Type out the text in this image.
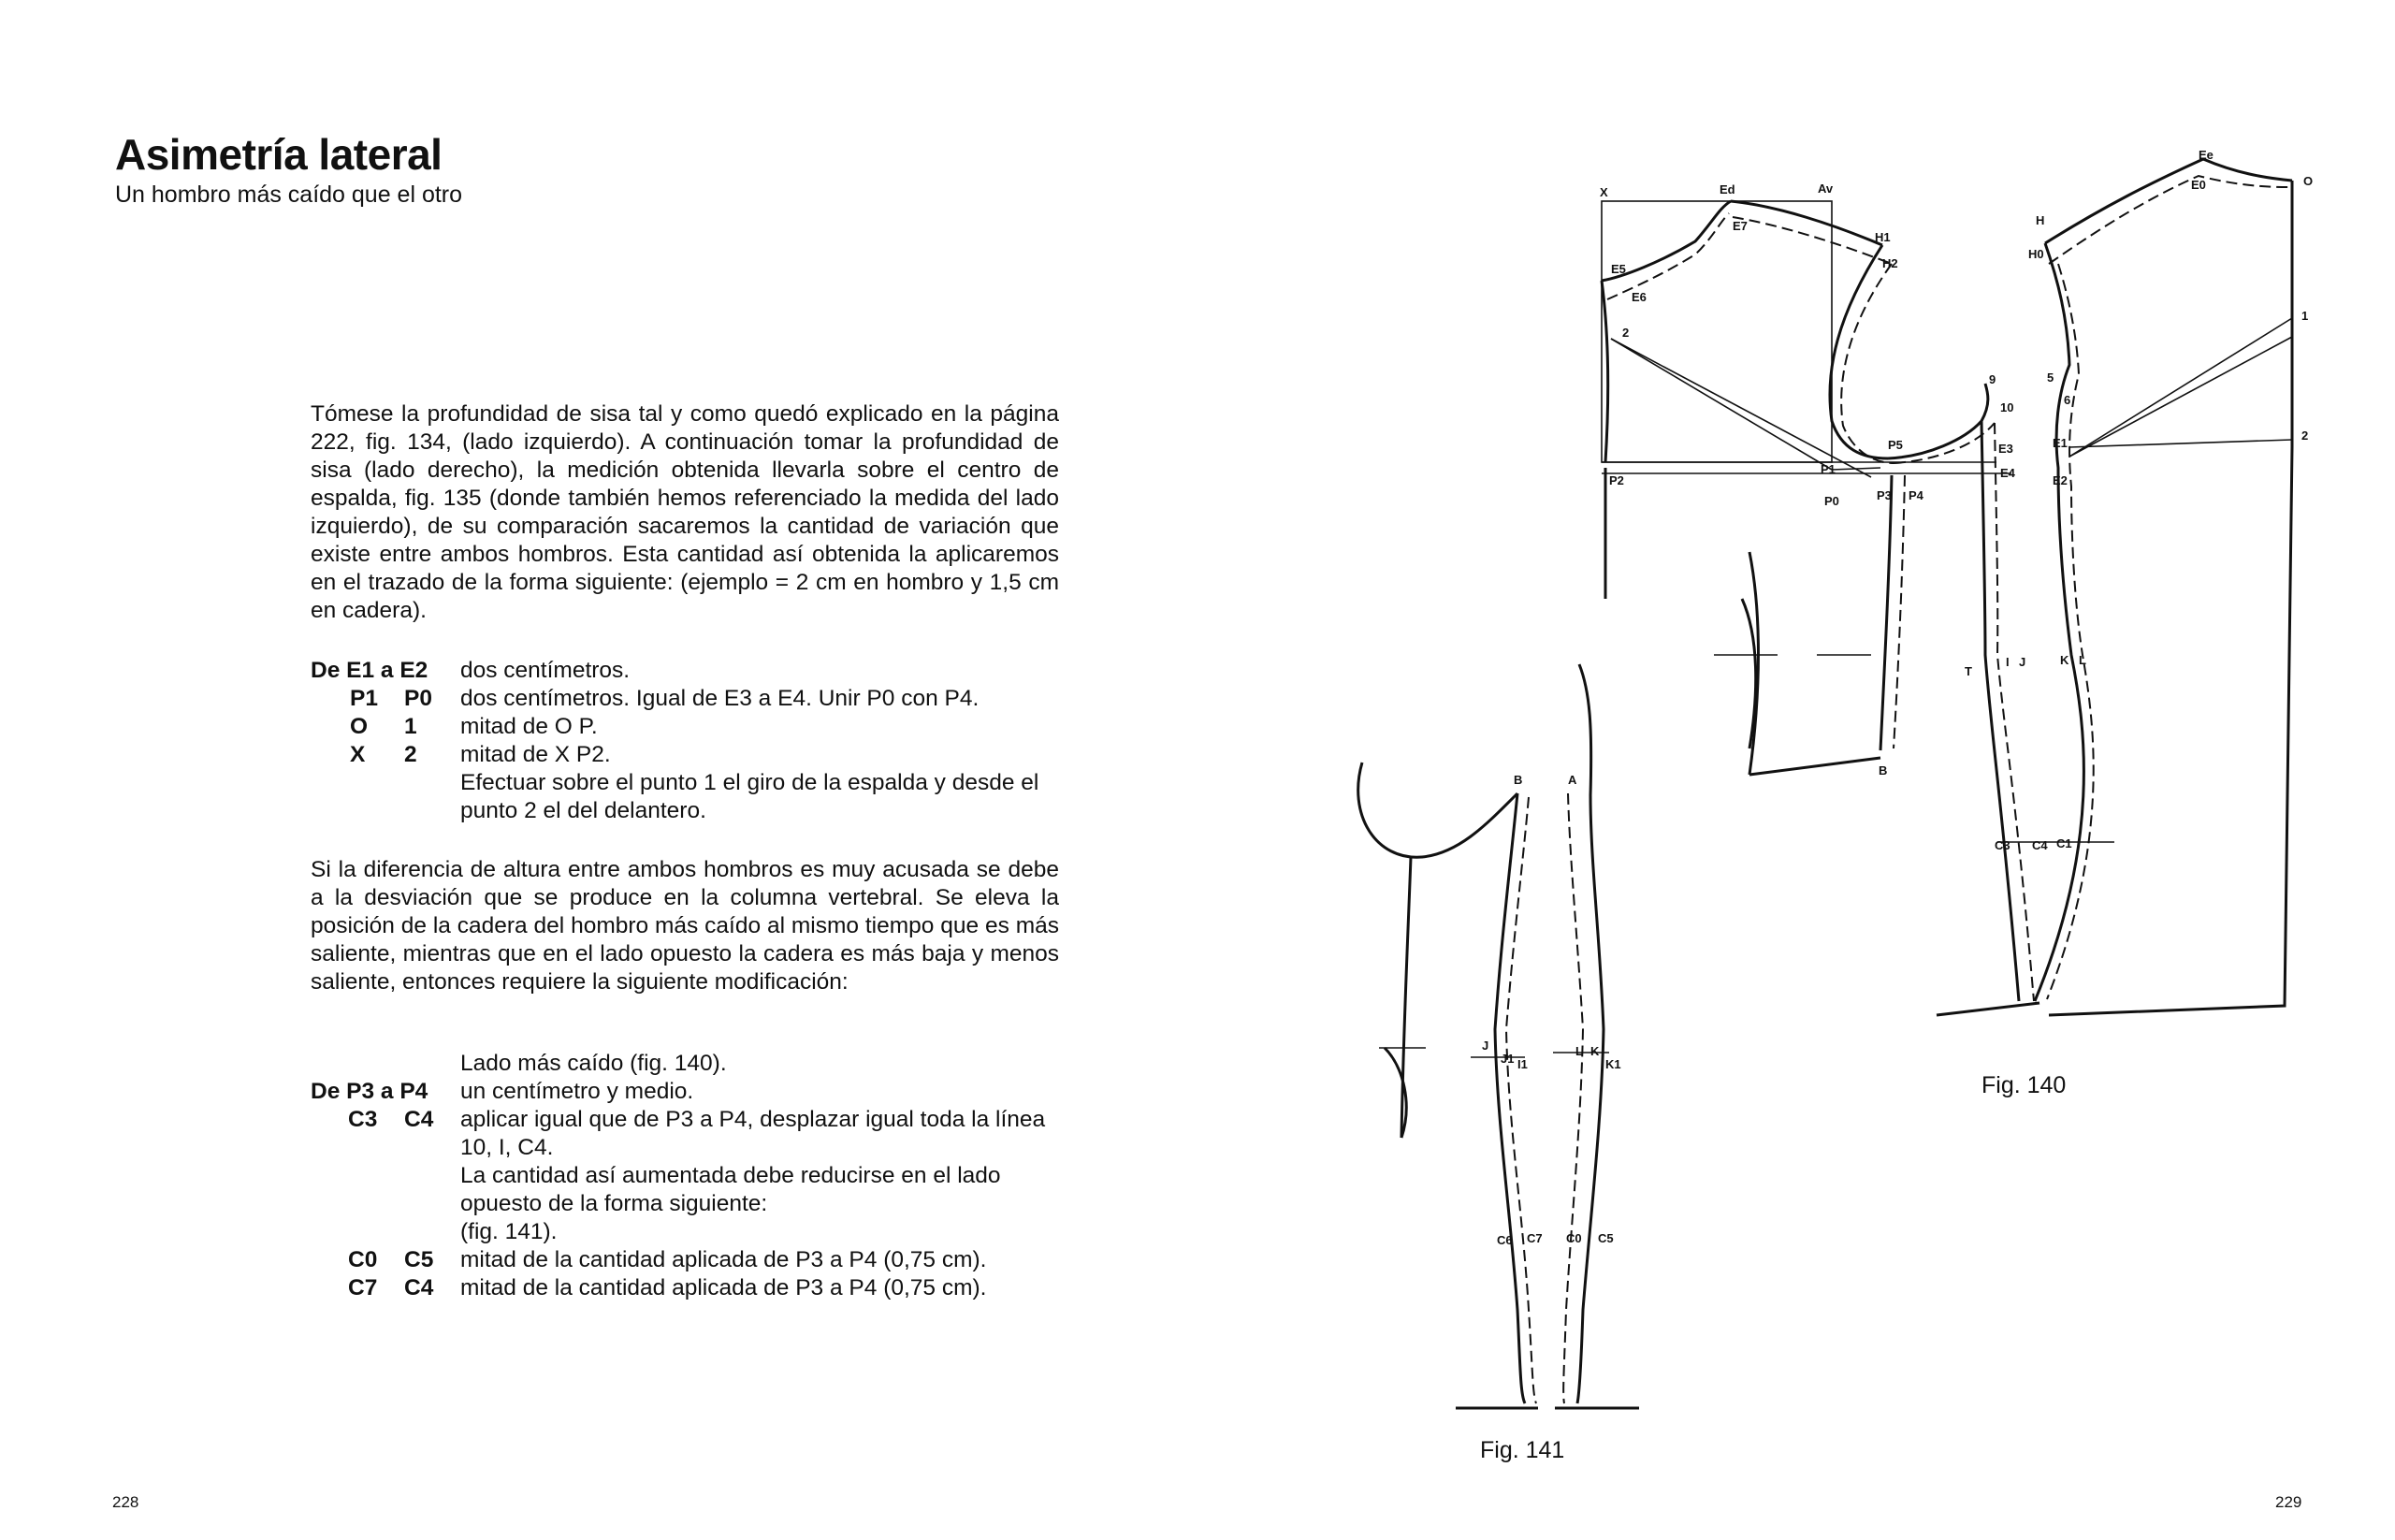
Asimetría lateral
Un hombro más caído que el otro

Tómese la profundidad de sisa tal y como quedó explicado en la página 222, fig. 134, (lado izquierdo). A continuación tomar la profundidad de sisa (lado derecho), la medición obtenida llevarla sobre el centro de espalda, fig. 135 (donde también hemos referenciado la medida del lado izquierdo), de su comparación sacaremos la cantidad de variación que existe entre ambos hombros. Esta cantidad así obtenida la aplicaremos en el trazado de la forma siguiente: (ejemplo = 2 cm en hombro y 1,5 cm en cadera).

De E1 a E2 dos centímetros.
P1	P0	dos centímetros. Igual de E3 a E4. Unir P0 con P4.
O	1	mitad de O P.
X	2	mitad de X P2.
Efectuar sobre el punto 1 el giro de la espalda y desde el punto 2 el del delantero.

Si la diferencia de altura entre ambos hombros es muy acusada se debe a la desviación que se produce en la columna vertebral. Se eleva la posición de la cadera del hombro más caído al mismo tiempo que es más saliente, mientras que en el lado opuesto la cadera es más baja y menos saliente, entonces requiere la siguiente modificación:

Lado más caído (fig. 140).
De P3 a P4 un centímetro y medio.
C3	C4	aplicar igual que de P3 a P4, desplazar igual toda la línea 10, I, C4.
La cantidad así aumentada debe reducirse en el lado opuesto de la forma siguiente:
(fig. 141).
C0	C5	mitad de la cantidad aplicada de P3 a P4 (0,75 cm).
C7	C4	mitad de la cantidad aplicada de P3 a P4 (0,75 cm).
X	Ed	Av
E7
H1
H2
E5
E6
2
P2
P1
P0
P5
P3 P4
9
10
E3
E4
T
I J	K L
C3 C4 C1
B
Ee
E0	O
H
H0
1
5
6
E1
E2
2
B	A
J
J1 I1
L K
K1
C6 C7 C0 C5
Fig. 140
Fig. 141
228	229
